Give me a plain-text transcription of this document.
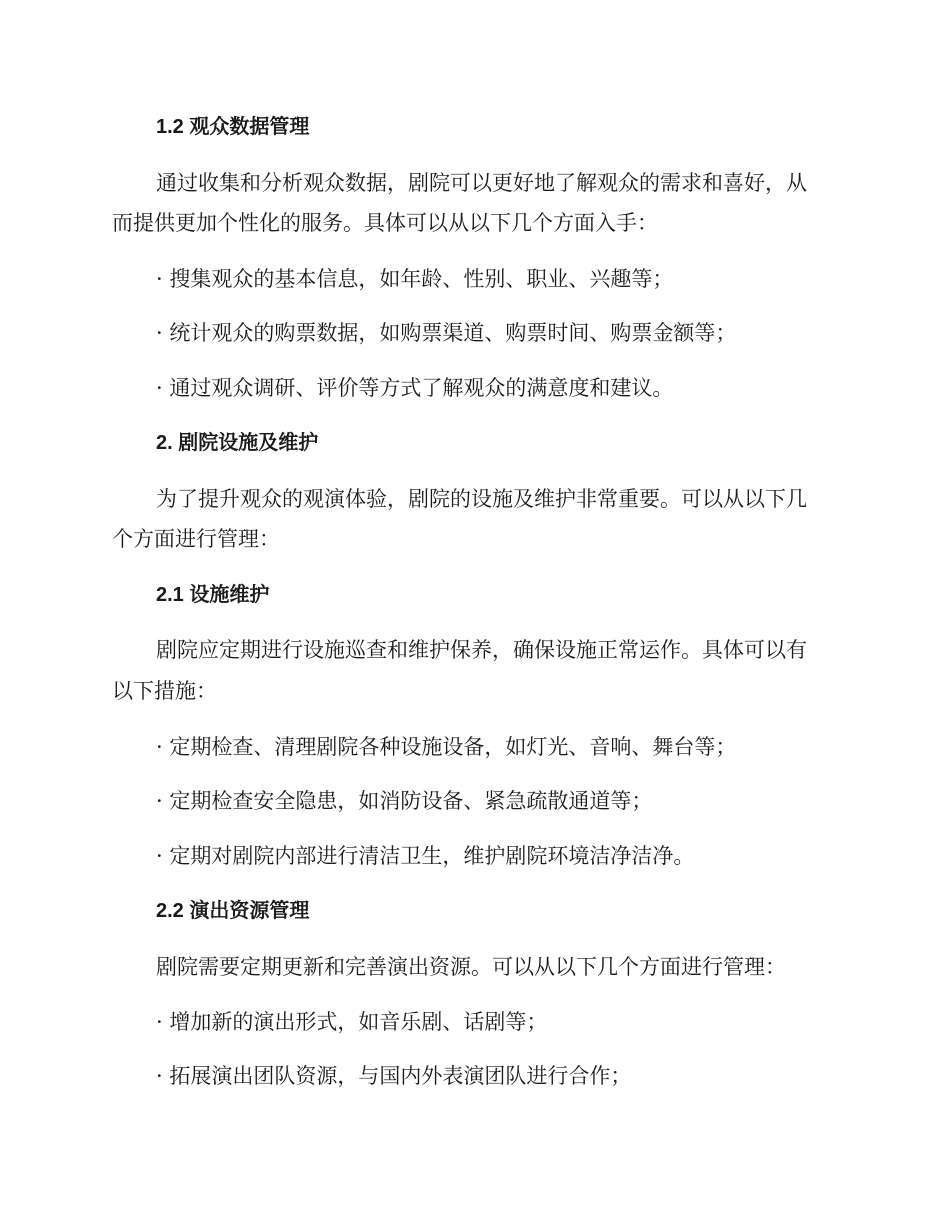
1.2 观众数据管理
通过收集和分析观众数据，剧院可以更好地了解观众的需求和喜好，从
而提供更加个性化的服务。具体可以从以下几个方面入手：
· 搜集观众的基本信息，如年龄、性别、职业、兴趣等；
· 统计观众的购票数据，如购票渠道、购票时间、购票金额等；
· 通过观众调研、评价等方式了解观众的满意度和建议。
2. 剧院设施及维护
为了提升观众的观演体验，剧院的设施及维护非常重要。可以从以下几
个方面进行管理：
2.1 设施维护
剧院应定期进行设施巡查和维护保养，确保设施正常运作。具体可以有
以下措施：
· 定期检查、清理剧院各种设施设备，如灯光、音响、舞台等；
· 定期检查安全隐患，如消防设备、紧急疏散通道等；
· 定期对剧院内部进行清洁卫生，维护剧院环境洁净洁净。
2.2 演出资源管理
剧院需要定期更新和完善演出资源。可以从以下几个方面进行管理：
· 增加新的演出形式，如音乐剧、话剧等；
· 拓展演出团队资源，与国内外表演团队进行合作；
